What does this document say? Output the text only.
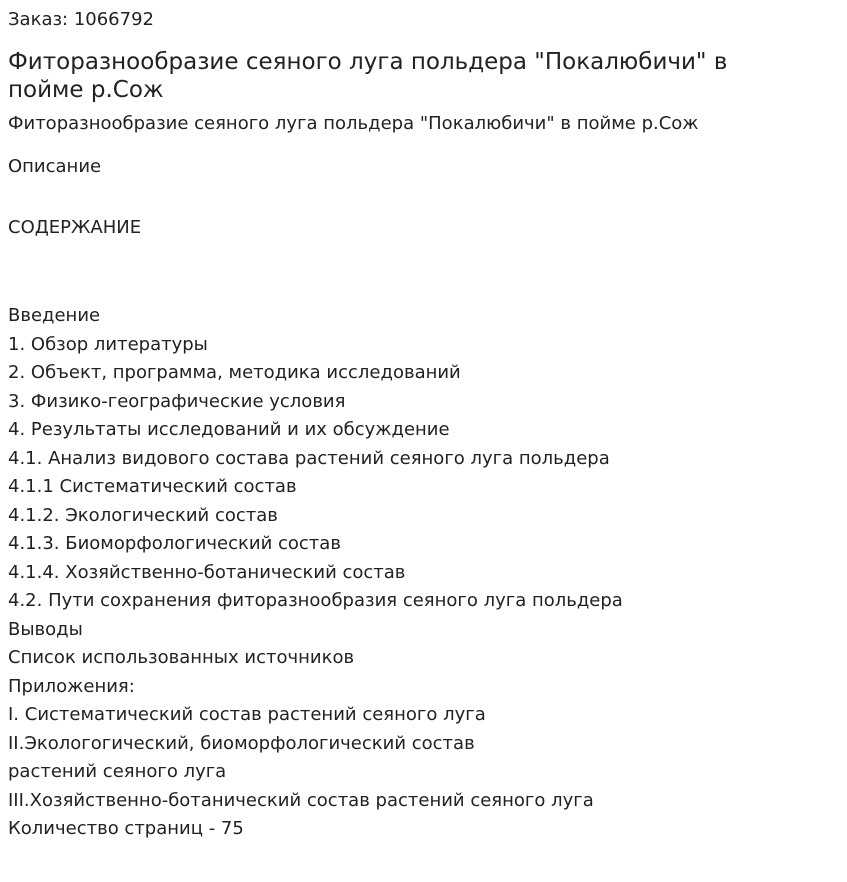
Заказ: 1066792
Фиторазнообразие сеяного луга польдера "Покалюбичи" в пойме р.Сож
Фиторазнообразие сеяного луга польдера "Покалюбичи" в пойме р.Сож
Описание
СОДЕРЖАНИЕ
Введение
1. Обзор литературы
2. Объект, программа, методика исследований
3. Физико-географические условия
4. Результаты исследований и их обсуждение
4.1. Анализ видового состава растений сеяного луга польдера
4.1.1 Систематический состав
4.1.2. Экологический состав
4.1.3. Биоморфологический состав
4.1.4. Хозяйственно-ботанический состав
4.2. Пути сохранения фиторазнообразия сеяного луга польдера
Выводы
Список использованных источников
Приложения:
I. Систематический состав растений сеяного луга
II.Экологогический, биоморфологический состав
растений сеяного луга
III.Хозяйственно-ботанический состав растений сеяного луга
Количество страниц - 75
